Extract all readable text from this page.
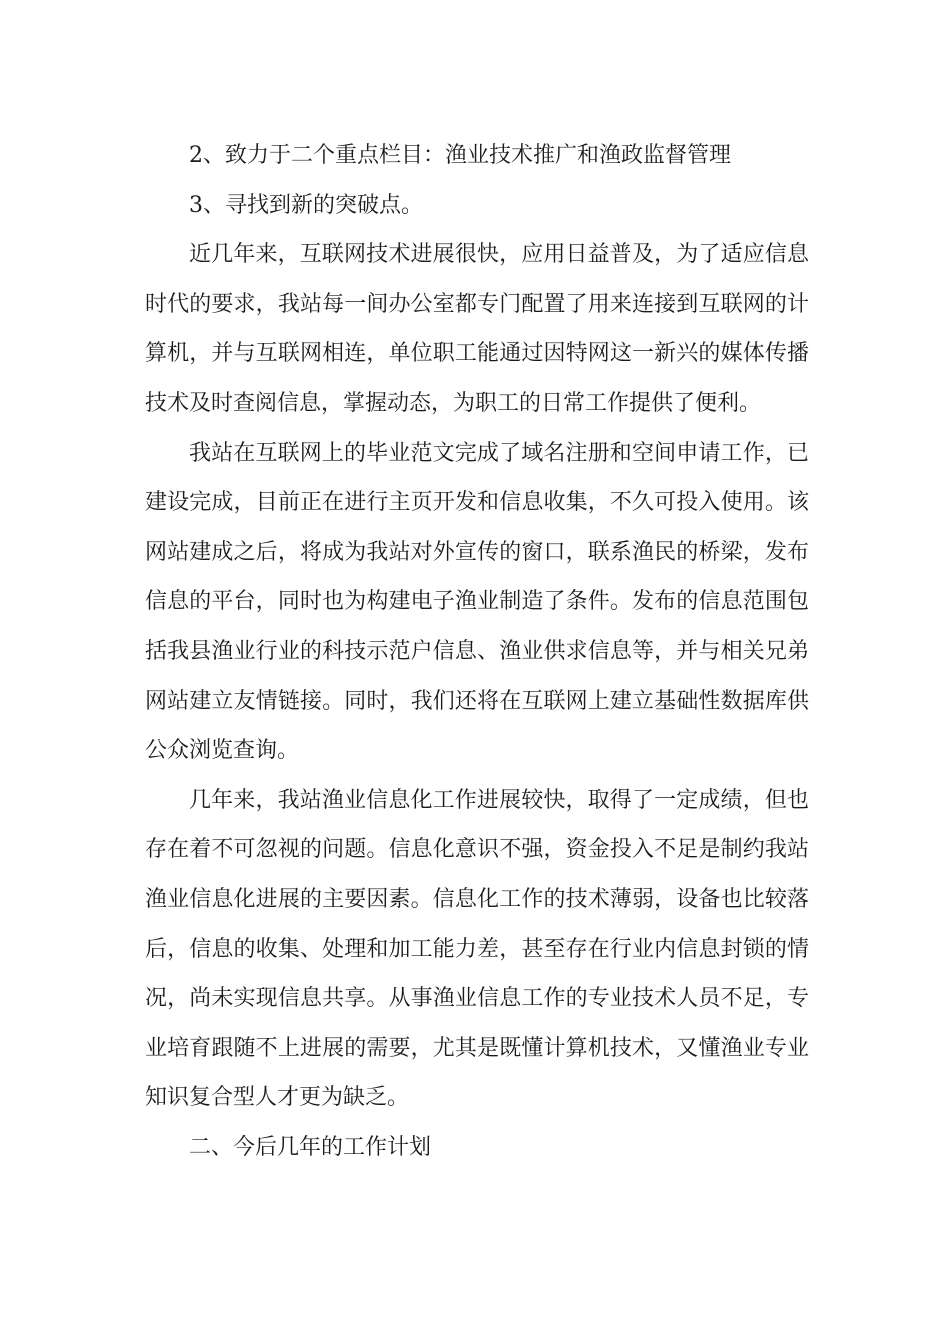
2、致力于二个重点栏目：渔业技术推广和渔政监督管理

3、寻找到新的突破点。

近几年来，互联网技术进展很快，应用日益普及，为了适应信息时代的要求，我站每一间办公室都专门配置了用来连接到互联网的计算机，并与互联网相连，单位职工能通过因特网这一新兴的媒体传播技术及时查阅信息，掌握动态，为职工的日常工作提供了便利。

我站在互联网上的毕业范文完成了域名注册和空间申请工作，已建设完成，目前正在进行主页开发和信息收集，不久可投入使用。该网站建成之后，将成为我站对外宣传的窗口，联系渔民的桥梁，发布信息的平台，同时也为构建电子渔业制造了条件。发布的信息范围包括我县渔业行业的科技示范户信息、渔业供求信息等，并与相关兄弟网站建立友情链接。同时，我们还将在互联网上建立基础性数据库供公众浏览查询。

几年来，我站渔业信息化工作进展较快，取得了一定成绩，但也存在着不可忽视的问题。信息化意识不强，资金投入不足是制约我站渔业信息化进展的主要因素。信息化工作的技术薄弱，设备也比较落后，信息的收集、处理和加工能力差，甚至存在行业内信息封锁的情况，尚未实现信息共享。从事渔业信息工作的专业技术人员不足，专业培育跟随不上进展的需要，尤其是既懂计算机技术，又懂渔业专业知识复合型人才更为缺乏。

二、今后几年的工作计划
